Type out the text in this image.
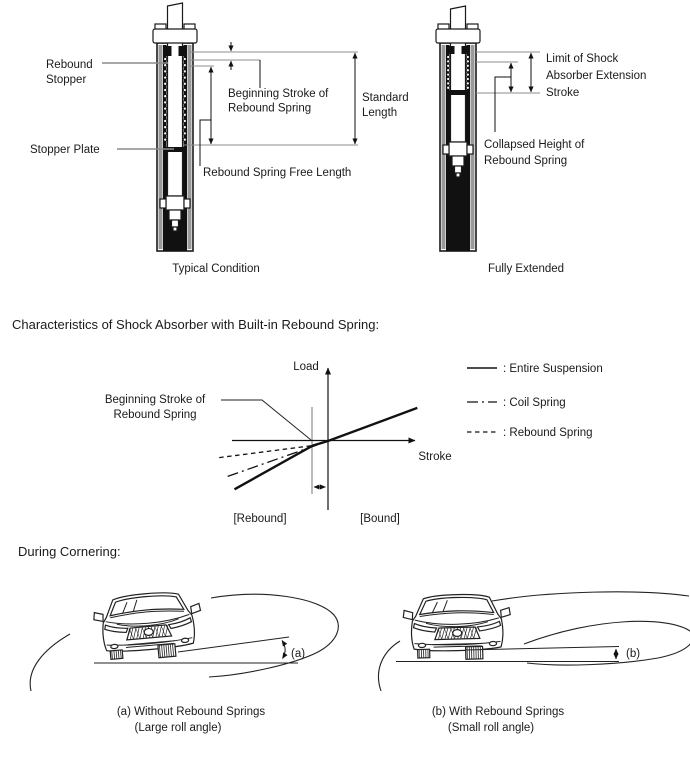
Rebound Stopper
Stopper Plate
Beginning Stroke of Rebound Spring
Standard Length
Rebound Spring Free Length
Limit of Shock Absorber Extension Stroke
Collapsed Height of Rebound Spring
Typical Condition	Fully Extended
Characteristics of Shock Absorber with Built-in Rebound Spring:
Load
Stroke
Beginning Stroke of Rebound Spring
[Rebound]	[Bound]
: Entire Suspension
: Coil Spring
: Rebound Spring
During Cornering:
(a)	(b)
(a) Without Rebound Springs
(Large roll angle)
(b) With Rebound Springs
(Small roll angle)
